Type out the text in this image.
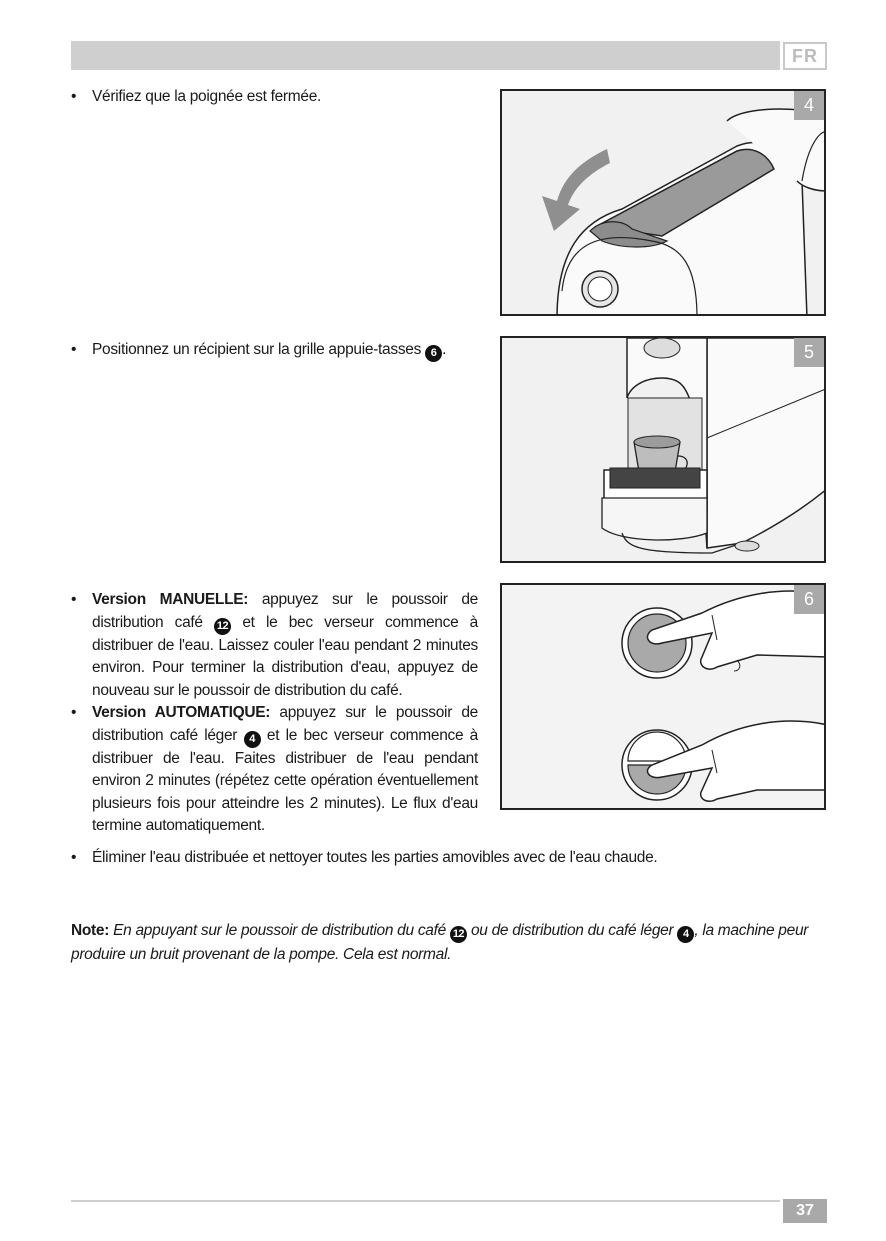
FR
• Vérifiez que la poignée est fermée.	4
• Positionnez un récipient sur la grille appuie-tasses 6 .	5
• Version MANUELLE: appuyez sur le poussoir de distribution café 12 et le bec verseur commence à distribuer de l'eau. Laissez couler l'eau pendant 2 minutes environ. Pour terminer la distribution d'eau, appuyez de nouveau sur le poussoir de distribution du café.
• Version AUTOMATIQUE: appuyez sur le poussoir de distribution café léger 4 et le bec verseur commence à distribuer de l'eau. Faites distribuer de l'eau pendant environ 2 minutes (répétez cette opération éventuellement plusieurs fois pour atteindre les 2 minutes). Le flux d'eau termine automatiquement.
6
• Éliminer l'eau distribuée et nettoyer toutes les parties amovibles avec de l'eau chaude.
Note: En appuyant sur le poussoir de distribution du café 12 ou de distribution du café léger 4 , la machine peur produire un bruit provenant de la pompe. Cela est normal.
37
